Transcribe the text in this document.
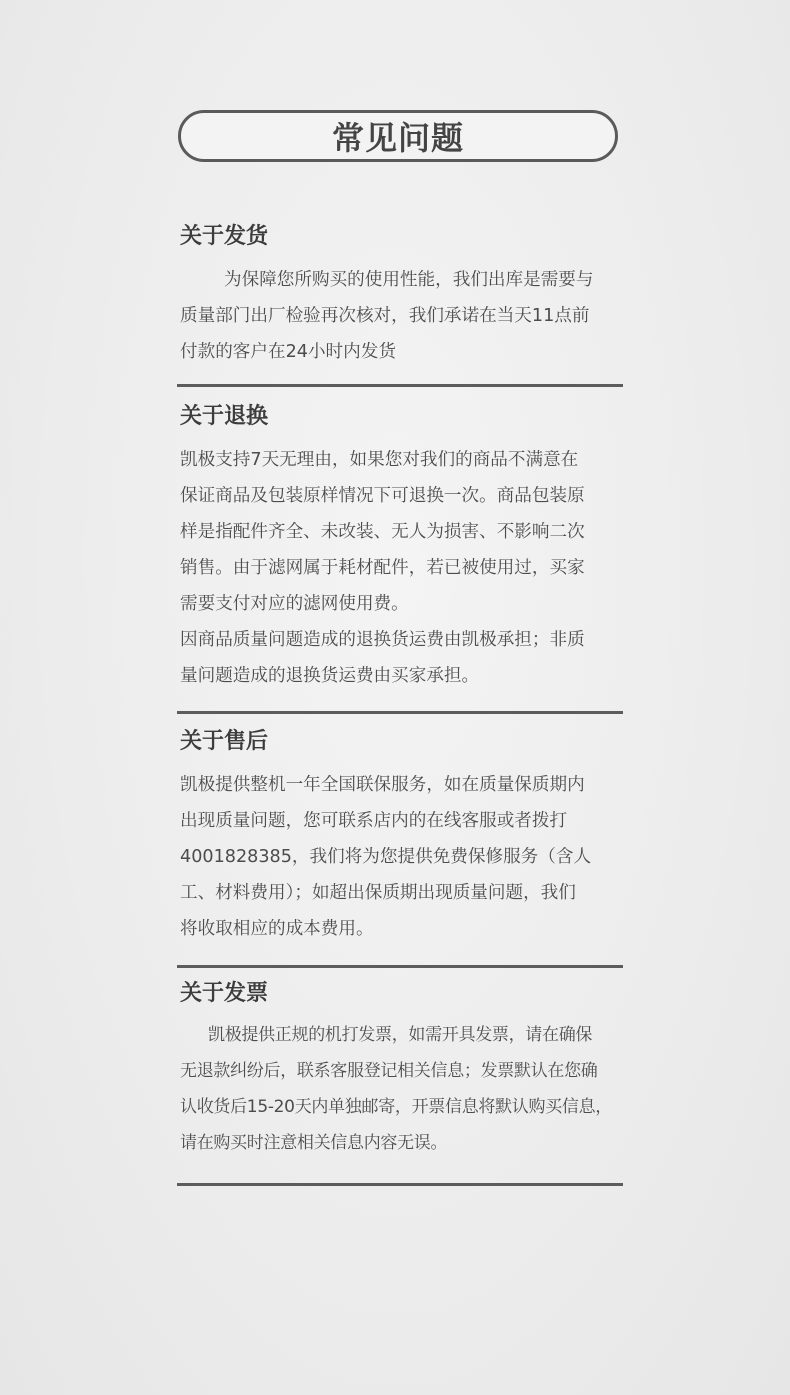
常见问题
关于发货

为保障您所购买的使用性能，我们出库是需要与

质量部门出厂检验再次核对，我们承诺在当天11点前

付款的客户在24小时内发货

关于退换

凯极支持7天无理由，如果您对我们的商品不满意在

保证商品及包装原样情况下可退换一次。商品包装原

样是指配件齐全、未改装、无人为损害、不影响二次

销售。由于滤网属于耗材配件，若已被使用过，买家

需要支付对应的滤网使用费。

因商品质量问题造成的退换货运费由凯极承担；非质

量问题造成的退换货运费由买家承担。

关于售后

凯极提供整机一年全国联保服务，如在质量保质期内

出现质量问题，您可联系店内的在线客服或者拨打

4001828385，我们将为您提供免费保修服务（含人

工、材料费用）；如超出保质期出现质量问题，我们

将收取相应的成本费用。

关于发票

凯极提供正规的机打发票，如需开具发票，请在确保

无退款纠纷后，联系客服登记相关信息；发票默认在您确

认收货后15-20天内单独邮寄，开票信息将默认购买信息，

请在购买时注意相关信息内容无误。
